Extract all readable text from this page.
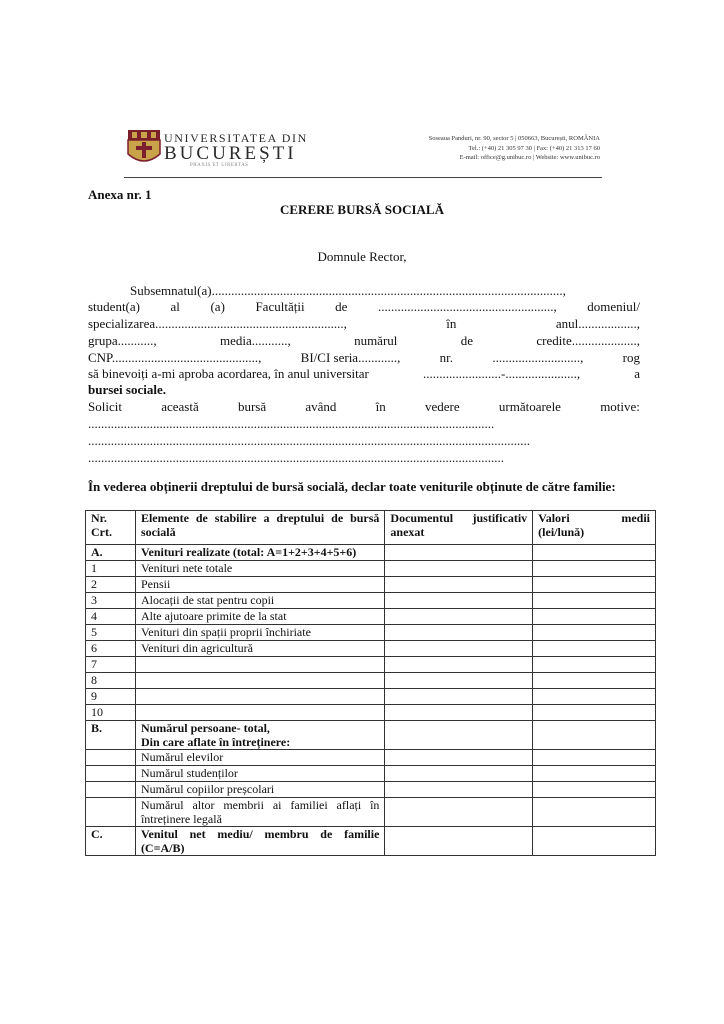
UNIVERSITATEA DIN
BUCUREȘTI
PRAXIS ET LIBERTAS
Soseaua Panduri, nr. 90, sector 5 | 050663, București, ROMÂNIA
Tel.: (+40) 21 305 97 30 | Fax: (+40) 21 313 17 60
E-mail: office@g.unibuc.ro | Website: www.unibuc.ro
Anexa nr. 1
CERERE BURSĂ SOCIALĂ
Domnule Rector,
Subsemnatul(a)............................................................................................................,
student(a) al (a) Facultății de ......................................................, domeniul/
specializarea..........................................................,	în	anul..................,
grupa...........,	media...........,	numărul	de	credite....................,
CNP.............................................,	BI/CI seria............,	nr.	...........................,	rog
să binevoiți a-mi aproba acordarea, în anul universitar	........................-......................,	a
bursei sociale.
Solicit	această	bursă	având	în	vedere	următoarele	motive:
.............................................................................................................................
........................................................................................................................................
................................................................................................................................
În vederea obținerii dreptului de bursă socială, declar toate veniturile obținute de către familie:
Nr. Crt.	Elemente de stabilire a dreptului de bursă socială	Documentul justificativ anexat	Valori medii
(lei/lună)

A.	Venituri realizate (total: A=1+2+3+4+5+6)		
1	Venituri nete totale		
2	Pensii		
3	Alocații de stat pentru copii		
4	Alte ajutoare primite de la stat		
5	Venituri din spații proprii închiriate		
6	Venituri din agricultură		
7			
8			
9			
10			
B.	Numărul persoane- total,
Din care aflate în întreținere:		

	Numărul elevilor		
	Numărul studenților		
	Numărul copiilor preșcolari		
	Numărul altor membrii ai familiei aflați în întreținere legală		
C.	Venitul net mediu/ membru de familie (C=A/B)		
